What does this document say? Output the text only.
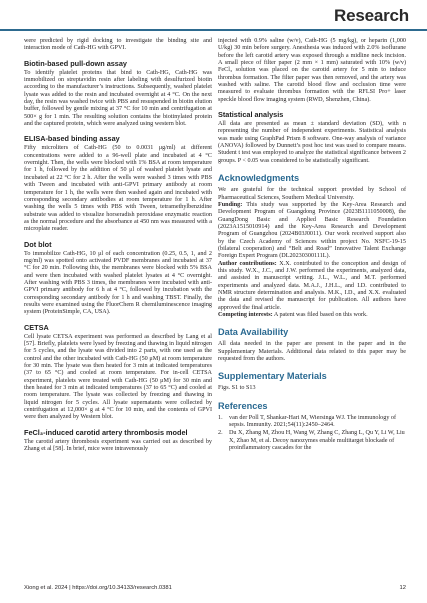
Research

were predicted by rigid docking to investigate the binding site and interaction mode of Cath-HG with GPVI.

Biotin-based pull-down assay

To identify platelet proteins that bind to Cath-HG, Cath-HG was immobilized on streptavidin resin after labeling with desulfurized biotin according to the manufacturer’s instructions. Subsequently, washed platelet lysate was added to the resin and incubated overnight at 4 °C. On the next day, the resin was washed twice with PBS and resuspended in biotin elution buffer, followed by gentle mixing at 37 °C for 10 min and centrifugation at 500× g for 1 min. The resulting solution contains the biotinylated protein and the captured protein, which were analyzed using western blot.

ELISA-based binding assay

Fifty microliters of Cath-HG (50 to 0.0031 μg/ml) at different concentrations were added to a 96-well plate and incubated at 4 °C overnight. Then, the wells were blocked with 1% BSA at room temperature for 1 h, followed by the addition of 50 μl of washed platelet lysate and incubated at 22 °C for 2 h. After the wells were washed 3 times with PBS with Tween and incubated with anti-GPVI primary antibody at room temperature for 1 h, the wells were then washed again and incubated with corresponding secondary antibodies at room temperature for 1 h. After washing the wells 5 times with PBS with Tween, tetramethylbenzidine substrate was added to visualize horseradish peroxidase enzymatic reaction as the normal procedure and the absorbance at 450 nm was measured with a microplate reader.

Dot blot

To immobilize Cath-HG, 10 μl of each concentration (0.25, 0.5, 1, and 2 mg/ml) was spotted onto activated PVDF membranes and incubated at 37 °C for 20 min. Following this, the membranes were blocked with 5% BSA and were then incubated with washed platelet lysates at 4 °C overnight. After washing with PBS 3 times, the membranes were incubated with anti-GPVI primary antibody for 6 h at 4 °C, followed by incubation with the corresponding secondary antibody for 1 h and washing TBST. Finally, the results were examined using the FluorChem R chemiluminescence imaging system (ProteinSimple, CA, USA).

CETSA

Cell lysate CETSA experiment was performed as described by Lang et al [57]. Briefly, platelets were lysed by freezing and thawing in liquid nitrogen for 5 cycles, and the lysate was divided into 2 parts, with one used as the control and the other incubated with Cath-HG (50 μM) at room temperature for 30 min. The lysate was then heated for 3 min at indicated temperatures (37 to 65 °C) and cooled at room temperature. For in-cell CETSA experiment, platelets were treated with Cath-HG (50 μM) for 30 min and then heated for 3 min at indicated temperatures (37 to 65 °C) and cooled at room temperature. The lysate was collected by freezing and thawing in liquid nitrogen for 5 cycles. All lysate supernatants were collected by centrifugation at 12,000× g at 4 °C for 10 min, and the contents of GPVI were then analyzed by Western blot.

FeCl₃-induced carotid artery thrombosis model

The carotid artery thrombosis experiment was carried out as described by Zhang et al [58]. In brief, mice were intravenously

injected with 0.9% saline (w/v), Cath-HG (5 mg/kg), or heparin (1,000 U/kg) 30 min before surgery. Anesthesia was induced with 2.0% isoflurane before the left carotid artery was exposed through a midline neck incision. A small piece of filter paper (2 mm × 1 mm) saturated with 10% (w/v) FeCl₃ solution was placed on the carotid artery for 5 min to induce thrombus formation. The filter paper was then removed, and the artery was washed with saline. The carotid blood flow and occlusion time were measured to evaluate thrombus formation with the RFLSI Pro+ laser speckle blood flow imaging system (RWD, Shenzhen, China).

Statistical analysis

All data are presented as mean ± standard deviation (SD), with n representing the number of independent experiments. Statistical analysis was made using GraphPad Prism 8 software. One-way analysis of variance (ANOVA) followed by Dunnett’s post hoc test was used to compare means. Student t test was employed to analyze the statistical significance between 2 groups. P < 0.05 was considered to be statistically significant.

Acknowledgments

We are grateful for the technical support provided by School of Pharmaceutical Sciences, Southern Medical University.

Funding: This study was supported by the Key-Area Research and Development Program of Guangdong Province (2023B1111050008), the GuangDong Basic and Applied Basic Research Foundation (2023A1515010914) and the Key-Area Research and Development Program of Guangzhou (2024B03J0011). Our work received support also by the Czech Academy of Sciences within project No. NSFC-19-15 (bilateral cooperation) and “Belt and Road” Innovative Talent Exchange Foreign Expert Program (DL20230300111L).

Author contributions: X.X. contributed to the conception and design of this study. W.X., J.C., and J.W. performed the experiments, analyzed data, and assisted in manuscript writing. J.L., W.L., and M.T. performed experiments and analyzed data. M.A.J., J.H.L., and I.D. contributed to NMR structure determination and analysis. M.K., I.D., and X.X. evaluated the data and revised the manuscript for publication. All authors have approved the final article.

Competing interests: A patent was filed based on this work.

Data Availability

All data needed in the paper are present in the paper and in the Supplementary Materials. Additional data related to this paper may be requested from the authors.

Supplementary Materials

Figs. S1 to S13

References
1. van der Poll T, Shankar-Hari M, Wiersinga WJ. The immunology of sepsis. Immunity. 2021;54(11):2450–2464.
2. Du X, Zhang M, Zhou H, Wang W, Zhang C, Zhang L, Qu Y, Li W, Liu X, Zhao M, et al. Decoy nanozymes enable multitarget blockade of proinflammatory cascades for the
Xiong et al. 2024 | https://doi.org/10.34133/research.0381	12
